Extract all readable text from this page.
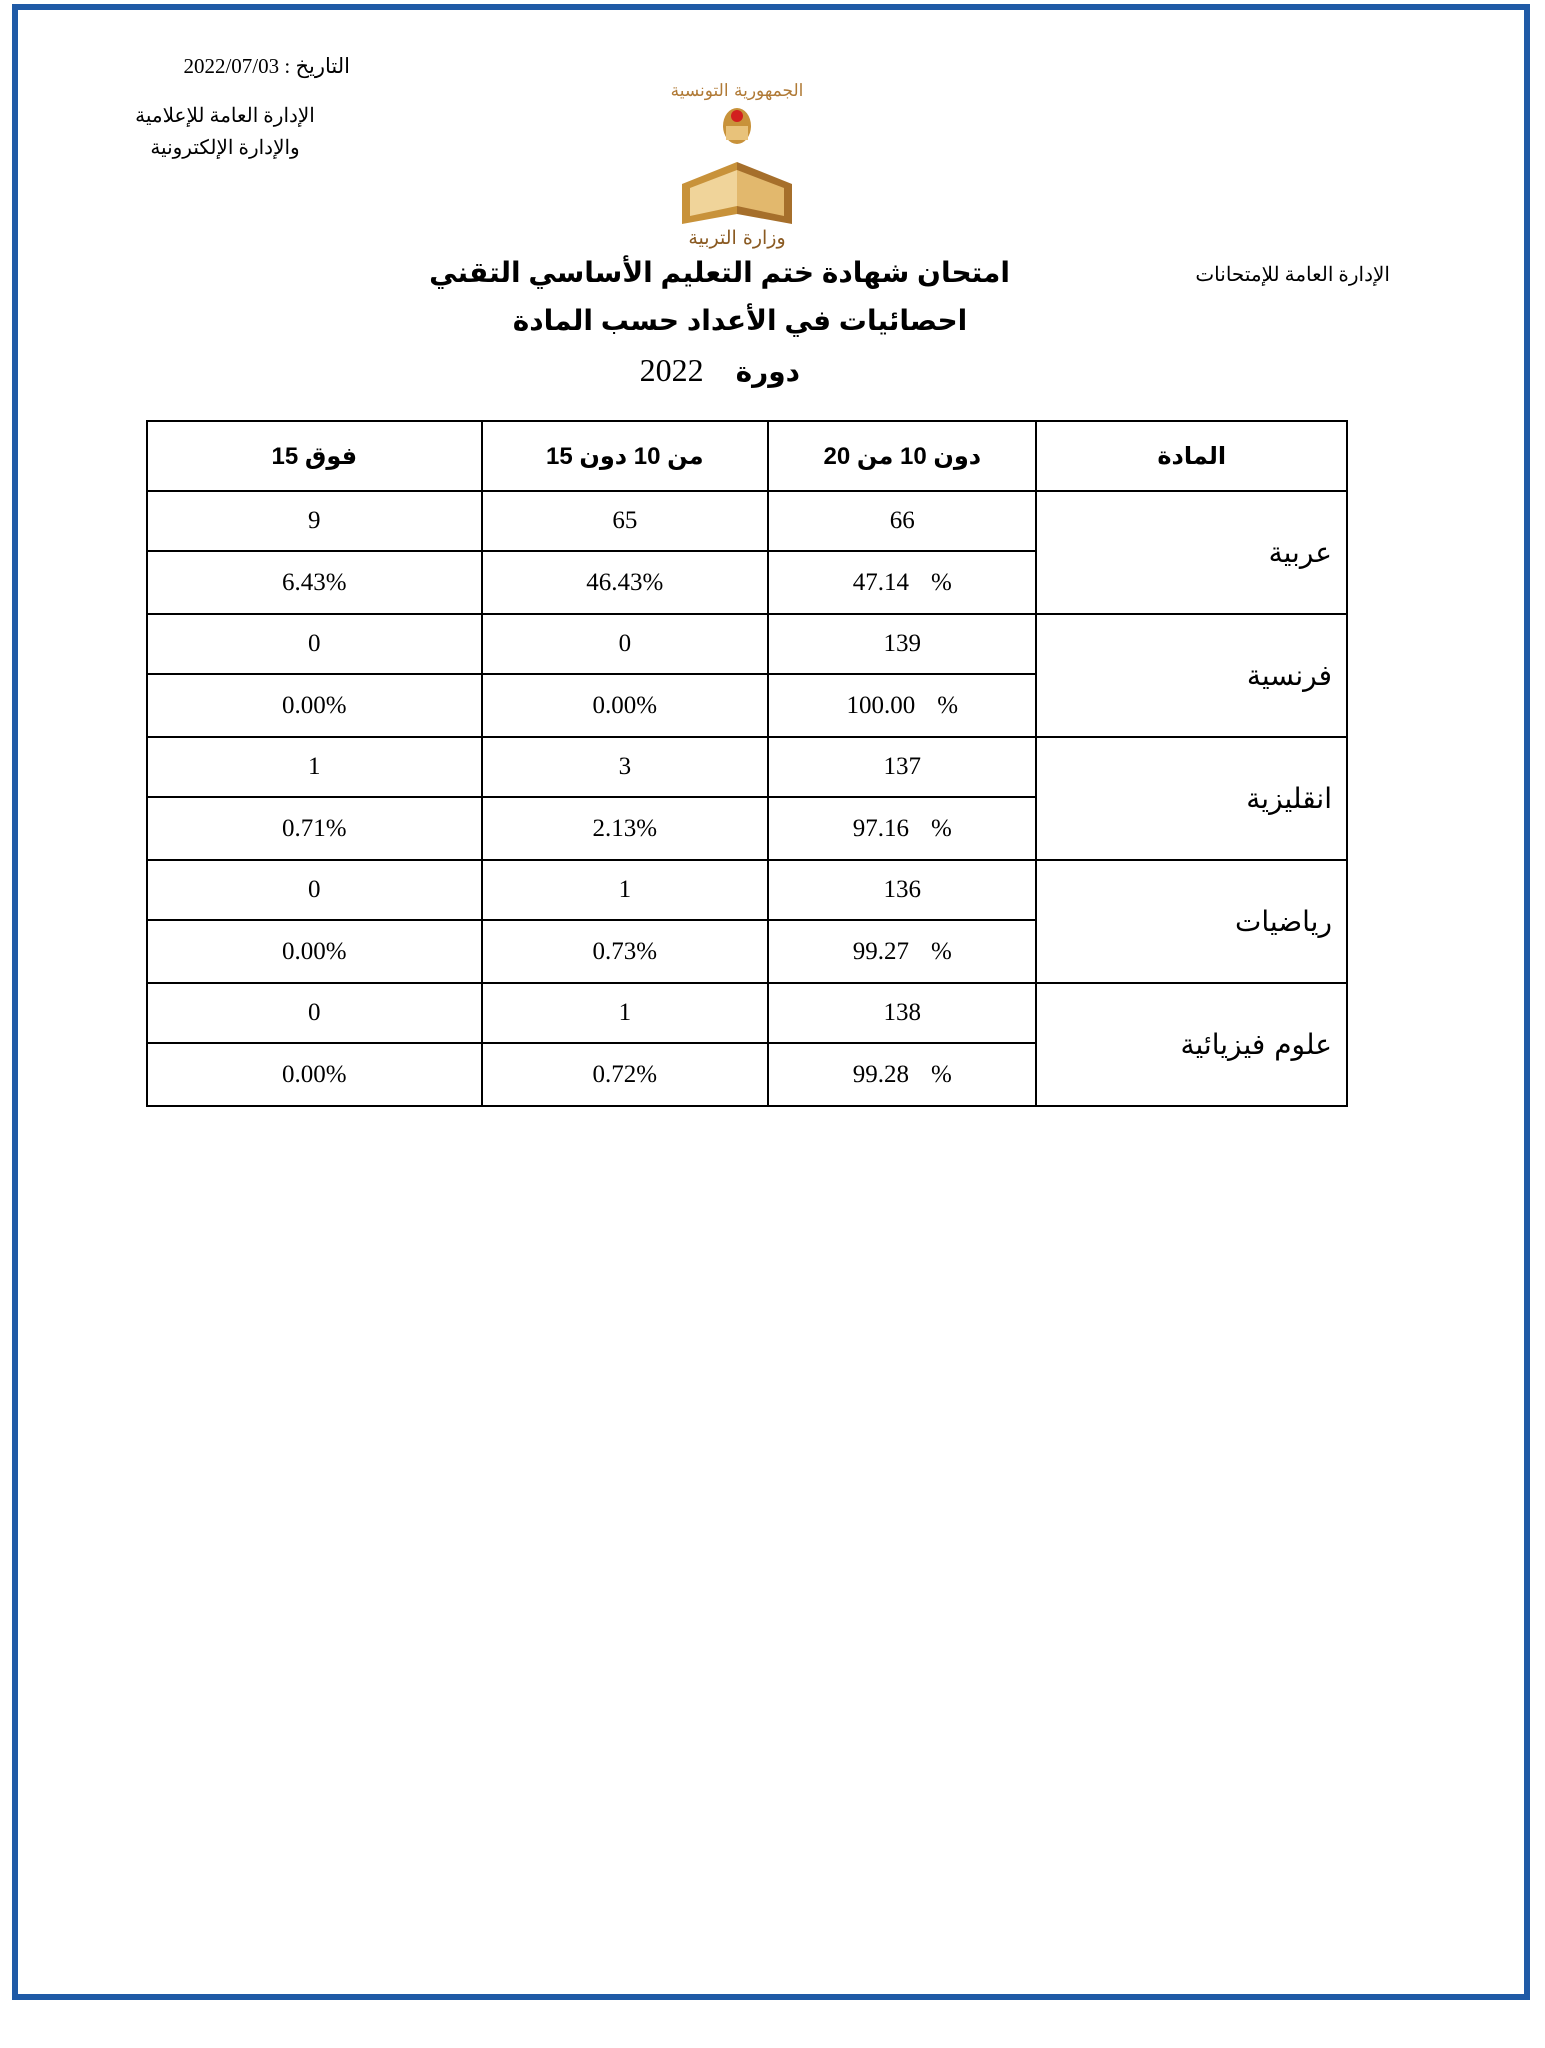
التاريخ : 2022/07/03
الإدارة العامة للإعلامية
والإدارة الإلكترونية
الجمهورية التونسية
وزارة التربية
الإدارة العامة للإمتحانات
امتحان شهادة ختم التعليم الأساسي التقني
احصائيات في الأعداد حسب المادة
دورة 2022
المادة	دون 10 من 20	من 10 دون 15	فوق 15
عربية	66	65	9
	47.14 %	46.43%	6.43%
فرنسية	139	0	0
	100.00 %	0.00%	0.00%
انقليزية	137	3	1
	97.16 %	2.13%	0.71%
رياضيات	136	1	0
	99.27 %	0.73%	0.00%
علوم فيزيائية	138	1	0
	99.28 %	0.72%	0.00%
